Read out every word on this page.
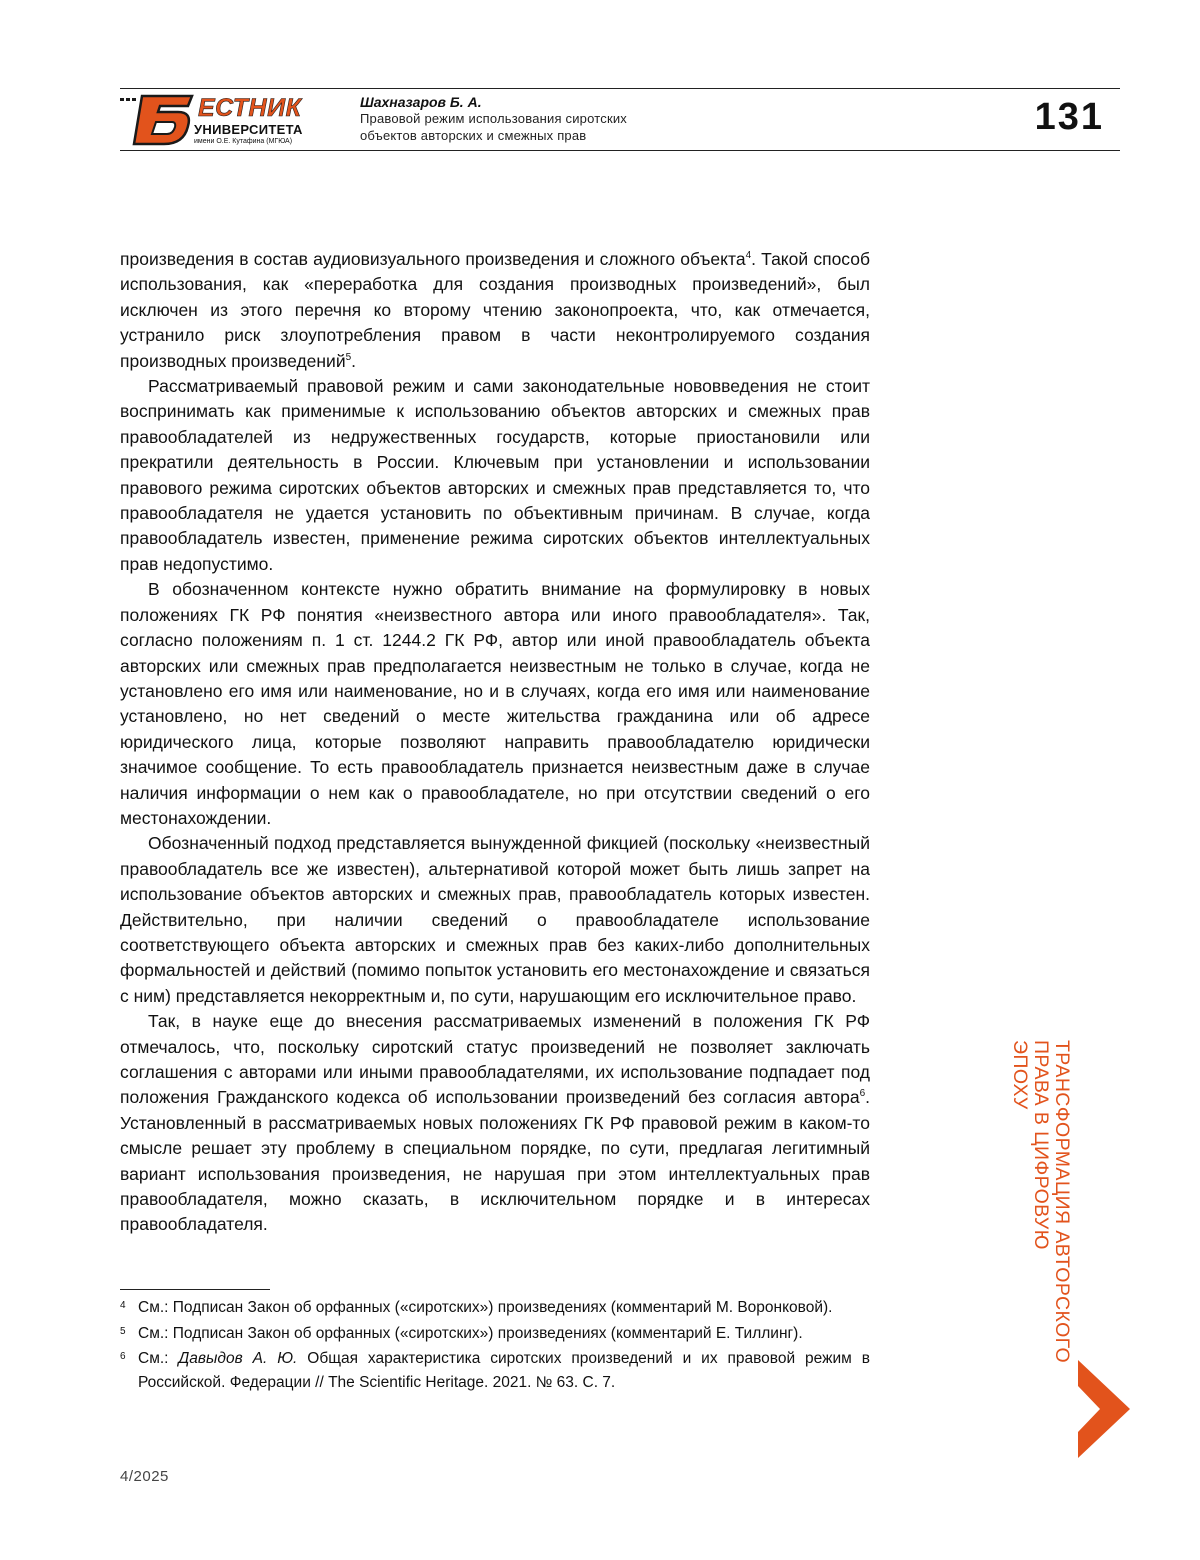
ЕСТНИК
УНИВЕРСИТЕТА
имени О.Е. Кутафина (МГЮА)
Шахназаров Б. А.
Правовой режим использования сиротских
объектов авторских и смежных прав	131

произведения в состав аудиовизуального произведения и сложного объекта4. Такой способ использования, как «переработка для создания производных произведений», был исключен из этого перечня ко второму чтению законопроекта, что, как отмечается, устранило риск злоупотребления правом в части неконтролируемого создания производных произведений5.

Рассматриваемый правовой режим и сами законодательные нововведения не стоит воспринимать как применимые к использованию объектов авторских и смежных прав правообладателей из недружественных государств, которые приостановили или прекратили деятельность в России. Ключевым при установлении и использовании правового режима сиротских объектов авторских и смежных прав представляется то, что правообладателя не удается установить по объективным причинам. В случае, когда правообладатель известен, применение режима сиротских объектов интеллектуальных прав недопустимо.

В обозначенном контексте нужно обратить внимание на формулировку в новых положениях ГК РФ понятия «неизвестного автора или иного правообладателя». Так, согласно положениям п. 1 ст. 1244.2 ГК РФ, автор или иной правообладатель объекта авторских или смежных прав предполагается неизвестным не только в случае, когда не установлено его имя или наименование, но и в случаях, когда его имя или наименование установлено, но нет сведений о месте жительства гражданина или об адресе юридического лица, которые позволяют направить правообладателю юридически значимое сообщение. То есть правообладатель признается неизвестным даже в случае наличия информации о нем как о правообладателе, но при отсутствии сведений о его местонахождении.

Обозначенный подход представляется вынужденной фикцией (поскольку «неизвестный правообладатель все же известен), альтернативой которой может быть лишь запрет на использование объектов авторских и смежных прав, правообладатель которых известен. Действительно, при наличии сведений о правообладателе использование соответствующего объекта авторских и смежных прав без каких-либо дополнительных формальностей и действий (помимо попыток установить его местонахождение и связаться с ним) представляется некорректным и, по сути, нарушающим его исключительное право.

Так, в науке еще до внесения рассматриваемых изменений в положения ГК РФ отмечалось, что, поскольку сиротский статус произведений не позволяет заключать соглашения с авторами или иными правообладателями, их использование подпадает под положения Гражданского кодекса об использовании произведений без согласия автора6. Установленный в рассматриваемых новых положениях ГК РФ правовой режим в каком-то смысле решает эту проблему в специальном порядке, по сути, предлагая легитимный вариант использования произведения, не нарушая при этом интеллектуальных прав правообладателя, можно сказать, в исключительном порядке и в интересах правообладателя.

4 См.: Подписан Закон об орфанных («сиротских») произведениях (комментарий М. Воронковой).
5 См.: Подписан Закон об орфанных («сиротских») произведениях (комментарий Е. Тиллинг).
6 См.: Давыдов А. Ю. Общая характеристика сиротских произведений и их правовой режим в Российской. Федерации // The Scientific Heritage. 2021. № 63. С. 7.
ТРАНСФОРМАЦИЯ АВТОРСКОГО
ПРАВА В ЦИФРОВУЮ
ЭПОХУ
4/2025
